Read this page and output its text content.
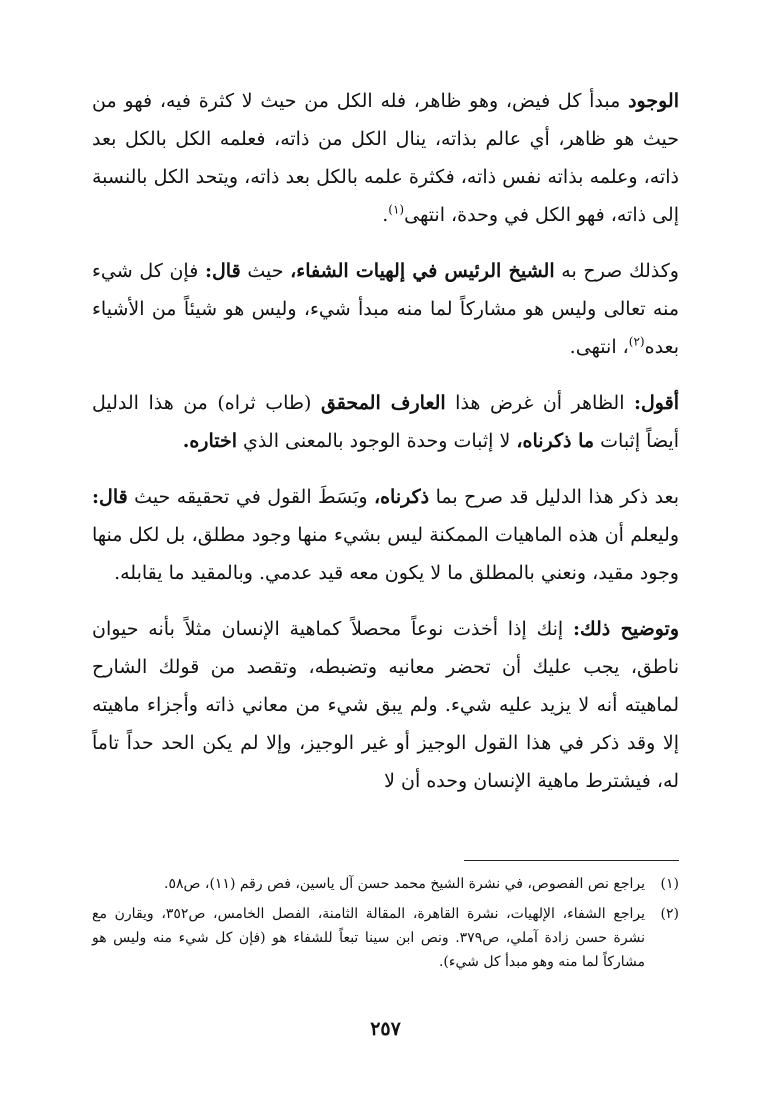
الوجود مبدأ كل فيض، وهو ظاهر، فله الكل من حيث لا كثرة فيه، فهو من حيث هو ظاهر، أي عالم بذاته، ينال الكل من ذاته، فعلمه الكل بالكل بعد ذاته، وعلمه بذاته نفس ذاته، فكثرة علمه بالكل بعد ذاته، ويتحد الكل بالنسبة إلى ذاته، فهو الكل في وحدة، انتهى$^{(١)}$.

وكذلك صرح به الشيخ الرئيس في إلهيات الشفاء، حيث قال: فإن كل شيء منه تعالى وليس هو مشاركاً لما منه مبدأ شيء، وليس هو شيئاً من الأشياء بعده$^{(٢)}$، انتهى.

أقول: الظاهر أن غرض هذا العارف المحقق (طاب ثراه) من هذا الدليل أيضاً إثبات ما ذكرناه، لا إثبات وحدة الوجود بالمعنى الذي اختاره.

بعد ذكر هذا الدليل قد صرح بما ذكرناه، وبَسَطَ القول في تحقيقه حيث قال: وليعلم أن هذه الماهيات الممكنة ليس بشيء منها وجود مطلق، بل لكل منها وجود مقيد، ونعني بالمطلق ما لا يكون معه قيد عدمي. وبالمقيد ما يقابله.

وتوضيح ذلك: إنك إذا أخذت نوعاً محصلاً كماهية الإنسان مثلاً بأنه حيوان ناطق، يجب عليك أن تحضر معانيه وتضبطه، وتقصد من قولك الشارح لماهيته أنه لا يزيد عليه شيء. ولم يبق شيء من معاني ذاته وأجزاء ماهيته إلا وقد ذكر في هذا القول الوجيز أو غير الوجيز، وإلا لم يكن الحد حداً تاماً له، فيشترط ماهية الإنسان وحده أن لا

(١)
يراجع نص الفصوص، في نشرة الشيخ محمد حسن آل ياسين، فص رقم (١١)، ص٥٨.
(٢)
يراجع الشفاء، الإلهيات، نشرة القاهرة، المقالة الثامنة، الفصل الخامس، ص٣٥٢، ويقارن مع نشرة حسن زادة آملي، ص٣٧٩. ونص ابن سينا تبعاً للشفاء هو (فإن كل شيء منه وليس هو مشاركاً لما منه وهو مبدأ كل شيء).
٢٥٧
